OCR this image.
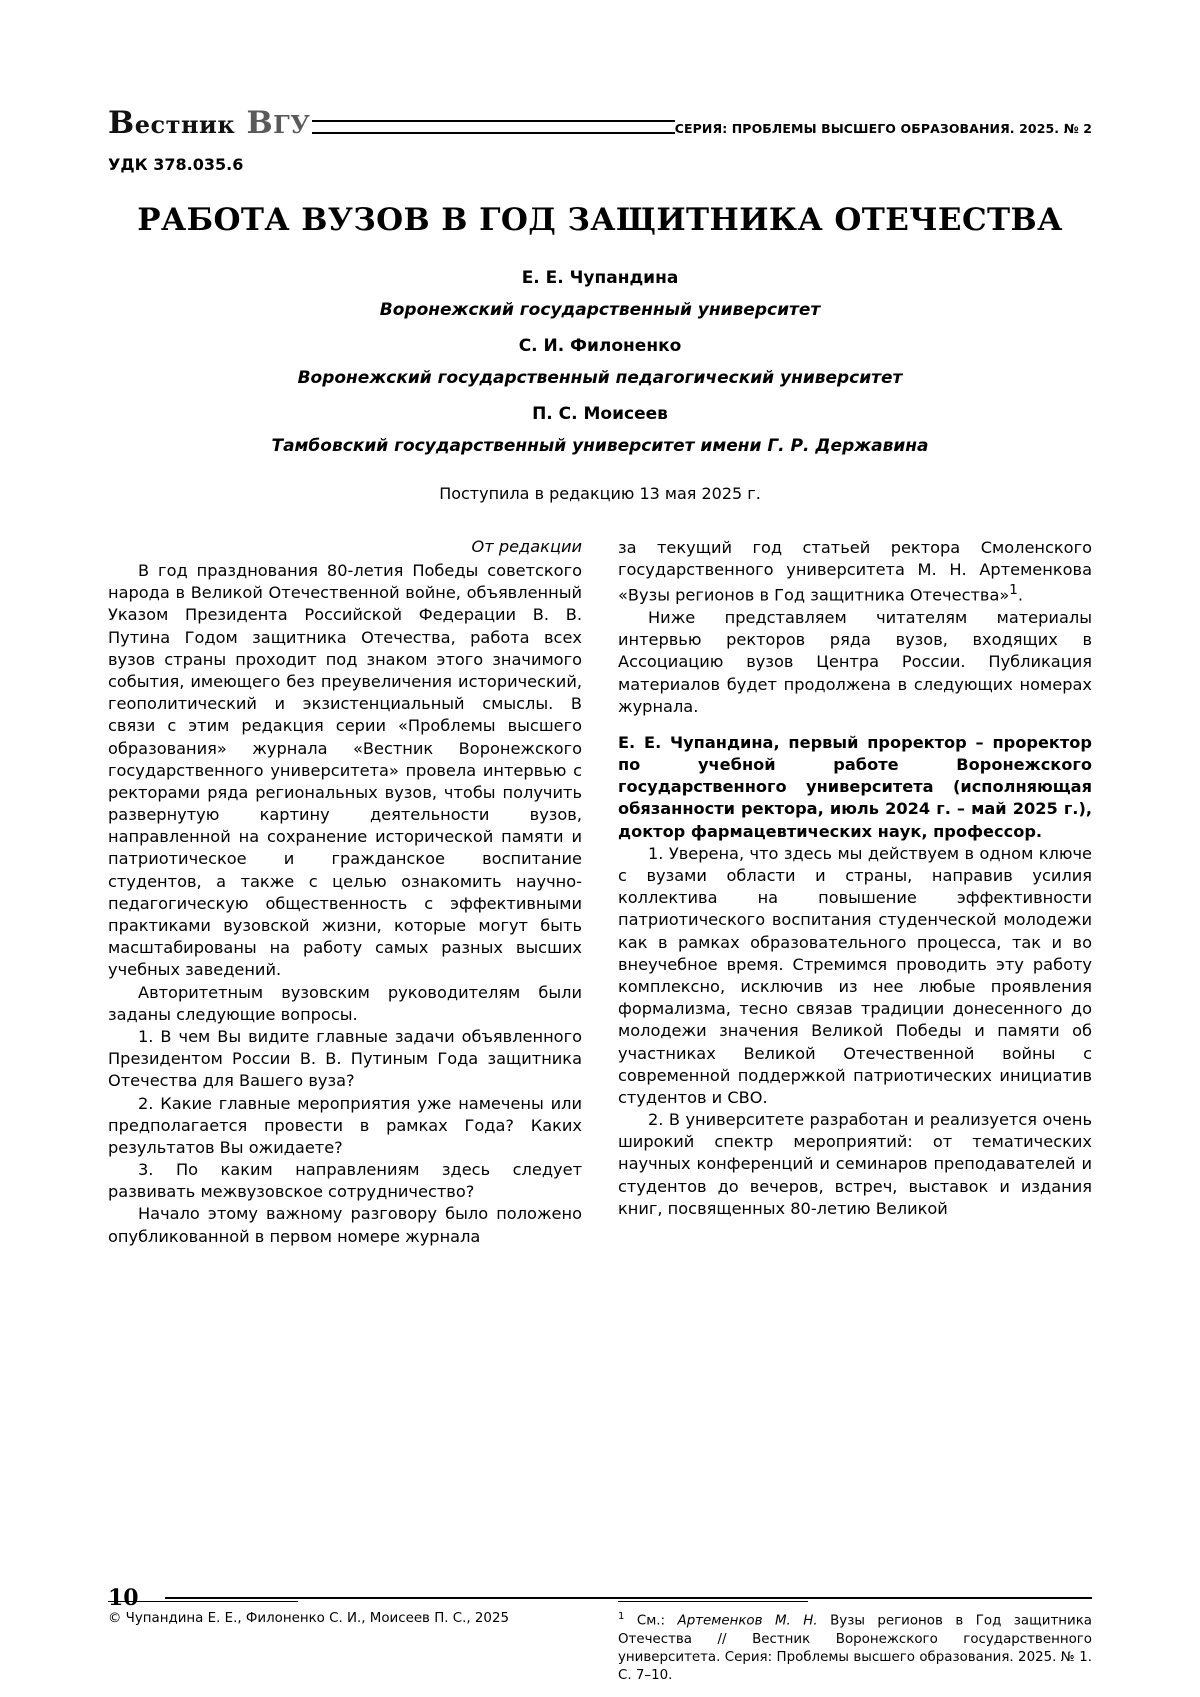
Вестник ВГУ	СЕРИЯ: ПРОБЛЕМЫ ВЫСШЕГО ОБРАЗОВАНИЯ. 2025. № 2
УДК 378.035.6
РАБОТА ВУЗОВ В ГОД ЗАЩИТНИКА ОТЕЧЕСТВА
Е. Е. Чупандина
Воронежский государственный университет
С. И. Филоненко
Воронежский государственный педагогический университет
П. С. Моисеев
Тамбовский государственный университет имени Г. Р. Державина
Поступила в редакцию 13 мая 2025 г.
От редакции

В год празднования 80-летия Победы советского народа в Великой Отечественной войне, объявленный Указом Президента Российской Федерации В. В. Путина Годом защитника Отечества, работа всех вузов страны проходит под знаком этого значимого события, имеющего без преувеличения исторический, геополитический и экзистенциальный смыслы. В связи с этим редакция серии «Проблемы высшего образования» журнала «Вестник Воронежского государственного университета» провела интервью с ректорами ряда региональных вузов, чтобы получить развернутую картину деятельности вузов, направленной на сохранение исторической памяти и патриотическое и гражданское воспитание студентов, а также с целью ознакомить научно-педагогическую общественность с эффективными практиками вузовской жизни, которые могут быть масштабированы на работу самых разных высших учебных заведений.

Авторитетным вузовским руководителям были заданы следующие вопросы.

1. В чем Вы видите главные задачи объявленного Президентом России В. В. Путиным Года защитника Отечества для Вашего вуза?

2. Какие главные мероприятия уже намечены или предполагается провести в рамках Года? Каких результатов Вы ожидаете?

3. По каким направлениям здесь следует развивать межвузовское сотрудничество?

Начало этому важному разговору было положено опубликованной в первом номере журнала

© Чупандина Е. Е., Филоненко С. И., Моисеев П. С., 2025

за текущий год статьей ректора Смоленского государственного университета М. Н. Артеменкова «Вузы регионов в Год защитника Отечества»$^1$.

Ниже представляем читателям материалы интервью ректоров ряда вузов, входящих в Ассоциацию вузов Центра России. Публикация материалов будет продолжена в следующих номерах журнала.

Е. Е. Чупандина, первый проректор – проректор по учебной работе Воронежского государственного университета (исполняющая обязанности ректора, июль 2024 г. – май 2025 г.), доктор фармацевтических наук, профессор.

1. Уверена, что здесь мы действуем в одном ключе с вузами области и страны, направив усилия коллектива на повышение эффективности патриотического воспитания студенческой молодежи как в рамках образовательного процесса, так и во внеучебное время. Стремимся проводить эту работу комплексно, исключив из нее любые проявления формализма, тесно связав традиции донесенного до молодежи значения Великой Победы и памяти об участниках Великой Отечественной войны с современной поддержкой патриотических инициатив студентов и СВО.

2. В университете разработан и реализуется очень широкий спектр мероприятий: от тематических научных конференций и семинаров преподавателей и студентов до вечеров, встреч, выставок и издания книг, посвященных 80-летию Великой

$^1$ См.: Артеменков М. Н. Вузы регионов в Год защитника Отечества // Вестник Воронежского государственного университета. Серия: Проблемы высшего образования. 2025. № 1. С. 7–10.

10
